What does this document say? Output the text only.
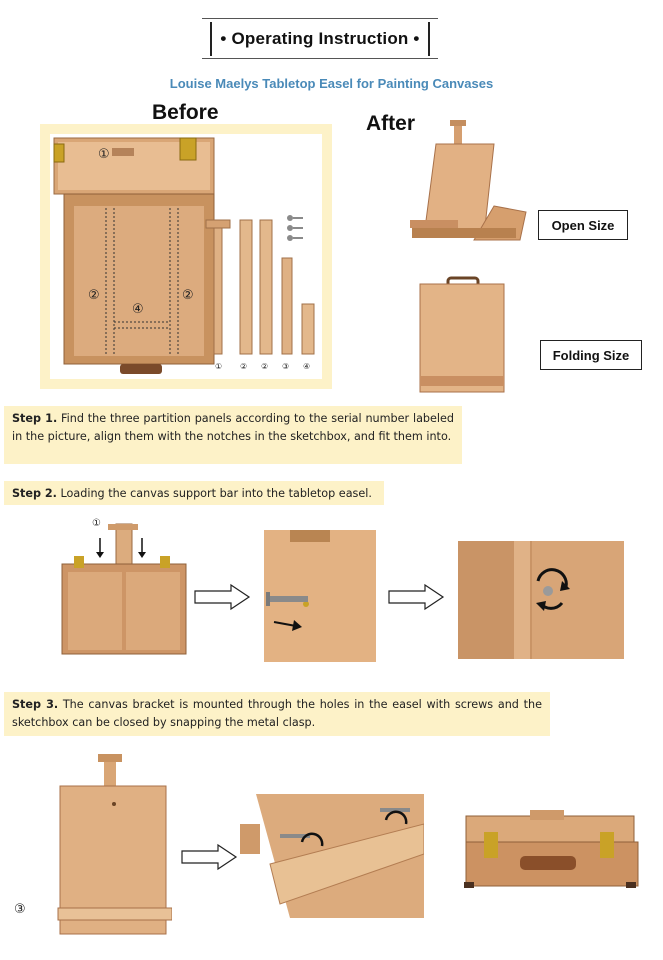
• Operating Instruction •
Louise Maelys Tabletop Easel for Painting Canvases
Before	After
①
②	②
④
① ② ② ③ ④
Open Size
Folding Size
Step 1. Find the three partition panels according to the serial number labeled in the picture, align them with the notches in the sketchbox, and fit them into.
Step 2. Loading the canvas support bar into the tabletop easel.
①
Step 3. The canvas bracket is mounted through the holes in the easel with screws and the sketchbox can be closed by snapping the metal clasp.
③
